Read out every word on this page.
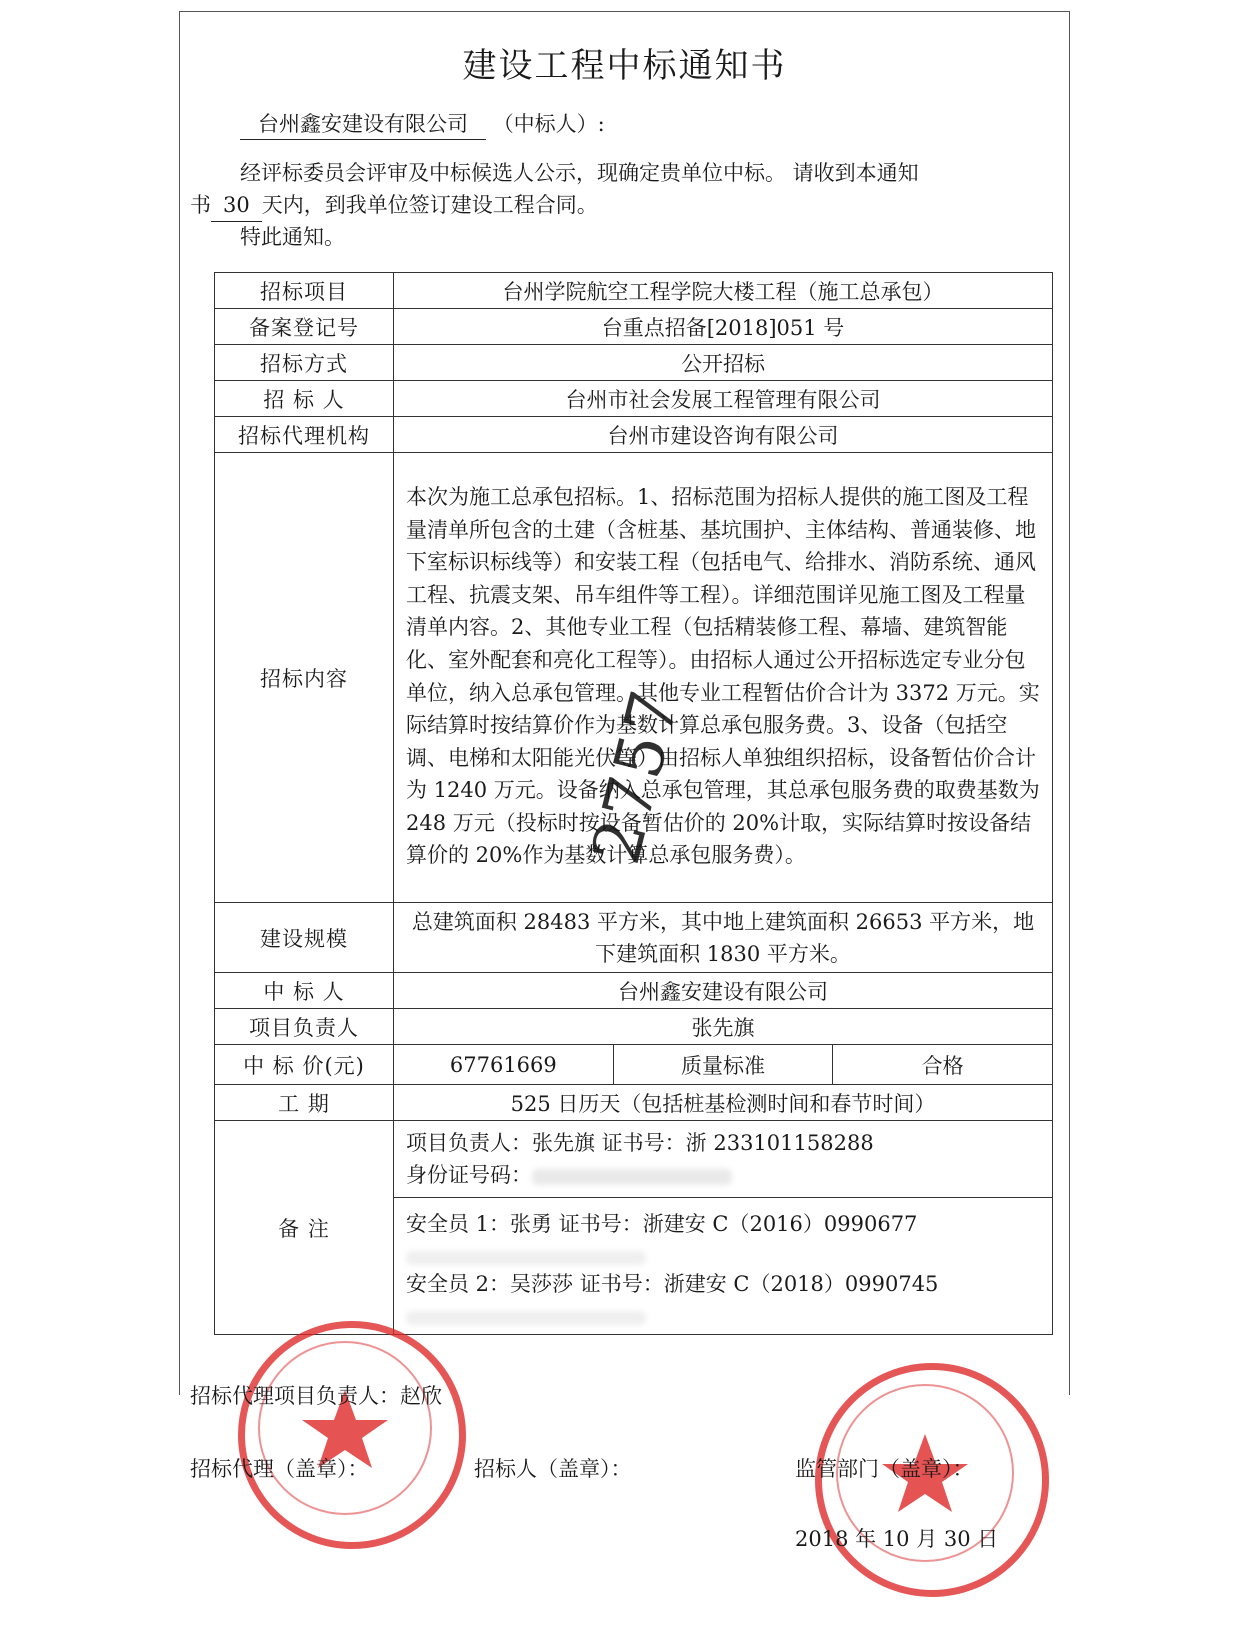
建设工程中标通知书
台州鑫安建设有限公司 （中标人）:
经评标委员会评审及中标候选人公示，现确定贵单位中标。 请收到本通知
书 30 天内，到我单位签订建设工程合同。
特此通知。
招标项目	台州学院航空工程学院大楼工程（施工总承包）		
备案登记号	台重点招备[2018]051 号		
招标方式	公开招标		
招 标 人	台州市社会发展工程管理有限公司		
招标代理机构	台州市建设咨询有限公司		
招标内容	本次为施工总承包招标。1、招标范围为招标人提供的施工图及工程量清单所包含的土建（含桩基、基坑围护、主体结构、普通装修、地下室标识标线等）和安装工程（包括电气、给排水、消防系统、通风工程、抗震支架、吊车组件等工程）。详细范围详见施工图及工程量清单内容。2、其他专业工程（包括精装修工程、幕墙、建筑智能化、室外配套和亮化工程等）。由招标人通过公开招标选定专业分包单位，纳入总承包管理。其他专业工程暂估价合计为 3372 万元。实际结算时按结算价作为基数计算总承包服务费。3、设备（包括空调、电梯和太阳能光伏等）由招标人单独组织招标，设备暂估价合计为 1240 万元。设备纳入总承包管理，其总承包服务费的取费基数为 248 万元（投标时按设备暂估价的 20%计取，实际结算时按设备结算价的 20%作为基数计算总承包服务费）。		
建设规模	总建筑面积 28483 平方米，其中地上建筑面积 26653 平方米，地下建筑面积 1830 平方米。		
中 标 人	台州鑫安建设有限公司		
项目负责人	张先旗		
中 标 价(元)	67761669	质量标准	合格
工 期	525 日历天（包括桩基检测时间和春节时间）		
备 注	项目负责人：张先旗 证书号：浙 233101158288
身份证号码：
安全员 1：张勇 证书号：浙建安 C（2016）0990677
安全员 2：吴莎莎 证书号：浙建安 C（2018）0990745		
2757
招标代理项目负责人：赵欣
招标代理（盖章）：	招标人（盖章）：	监管部门（盖章）：
2018 年 10 月 30 日
